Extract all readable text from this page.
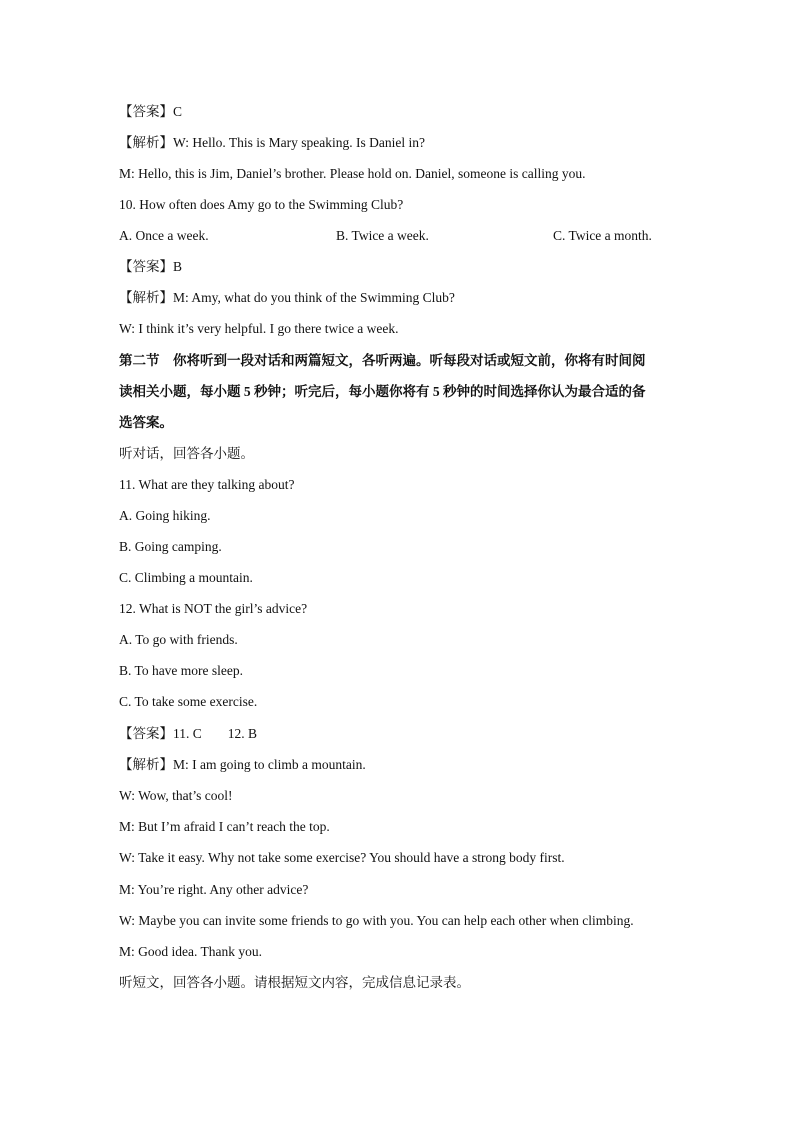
【答案】C
【解析】W: Hello. This is Mary speaking. Is Daniel in?
M: Hello, this is Jim, Daniel’s brother. Please hold on. Daniel, someone is calling you.
10. How often does Amy go to the Swimming Club?
A. Once a week.	B. Twice a week.	C. Twice a month.
【答案】B
【解析】M: Amy, what do you think of the Swimming Club?
W: I think it’s very helpful. I go there twice a week.
第二节　你将听到一段对话和两篇短文，各听两遍。听每段对话或短文前，你将有时间阅
读相关小题，每小题 5 秒钟；听完后，每小题你将有 5 秒钟的时间选择你认为最合适的备
选答案。
听对话，回答各小题。
11. What are they talking about?
A. Going hiking.
B. Going camping.
C. Climbing a mountain.
12. What is NOT the girl’s advice?
A. To go with friends.
B. To have more sleep.
C. To take some exercise.
【答案】11. C 12. B
【解析】M: I am going to climb a mountain.
W: Wow, that’s cool!
M: But I’m afraid I can’t reach the top.
W: Take it easy. Why not take some exercise? You should have a strong body first.
M: You’re right. Any other advice?
W: Maybe you can invite some friends to go with you. You can help each other when climbing.
M: Good idea. Thank you.
听短文，回答各小题。请根据短文内容，完成信息记录表。
